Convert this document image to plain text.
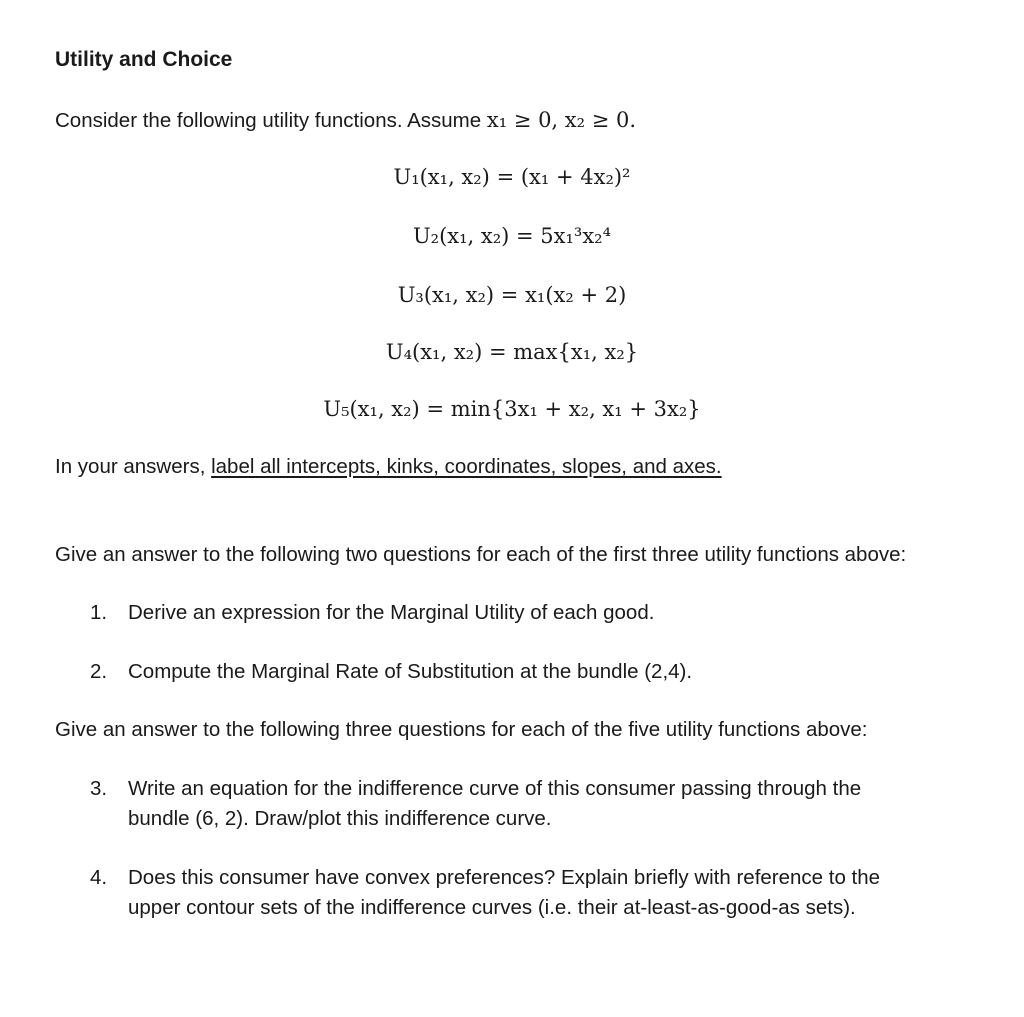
Utility and Choice
Consider the following utility functions. Assume x₁ ≥ 0, x₂ ≥ 0.
U₁(x₁, x₂) = (x₁ + 4x₂)²
U₂(x₁, x₂) = 5x₁³x₂⁴
U₃(x₁, x₂) = x₁(x₂ + 2)
U₄(x₁, x₂) = max{x₁, x₂}
U₅(x₁, x₂) = min{3x₁ + x₂, x₁ + 3x₂}
In your answers, label all intercepts, kinks, coordinates, slopes, and axes.
Give an answer to the following two questions for each of the first three utility functions above:
1. Derive an expression for the Marginal Utility of each good.
2. Compute the Marginal Rate of Substitution at the bundle (2,4).
Give an answer to the following three questions for each of the five utility functions above:
3. Write an equation for the indifference curve of this consumer passing through the
bundle (6, 2). Draw/plot this indifference curve.
4. Does this consumer have convex preferences? Explain briefly with reference to the
upper contour sets of the indifference curves (i.e. their at-least-as-good-as sets).
